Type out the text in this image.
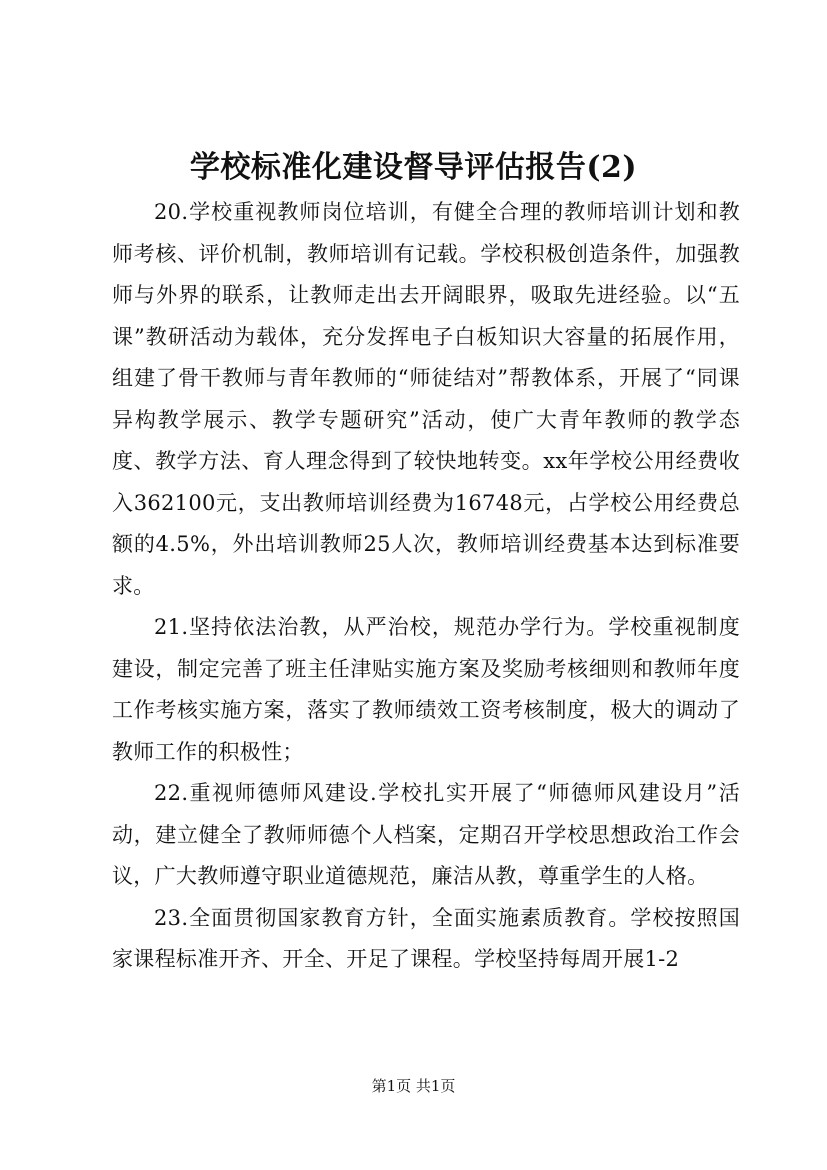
学校标准化建设督导评估报告(2)

20.学校重视教师岗位培训，有健全合理的教师培训计划和教师考核、评价机制，教师培训有记载。学校积极创造条件，加强教师与外界的联系，让教师走出去开阔眼界，吸取先进经验。以“五课”教研活动为载体，充分发挥电子白板知识大容量的拓展作用，组建了骨干教师与青年教师的“师徒结对”帮教体系，开展了“同课异构教学展示、教学专题研究”活动，使广大青年教师的教学态度、教学方法、育人理念得到了较快地转变。xx年学校公用经费收入362100元，支出教师培训经费为16748元，占学校公用经费总额的4.5%，外出培训教师25人次，教师培训经费基本达到标准要求。

21.坚持依法治教，从严治校，规范办学行为。学校重视制度建设，制定完善了班主任津贴实施方案及奖励考核细则和教师年度工作考核实施方案，落实了教师绩效工资考核制度，极大的调动了教师工作的积极性；

22.重视师德师风建设.学校扎实开展了“师德师风建设月”活动，建立健全了教师师德个人档案，定期召开学校思想政治工作会议，广大教师遵守职业道德规范，廉洁从教，尊重学生的人格。

23.全面贯彻国家教育方针，全面实施素质教育。学校按照国家课程标准开齐、开全、开足了课程。学校坚持每周开展1-2

第1页 共1页
